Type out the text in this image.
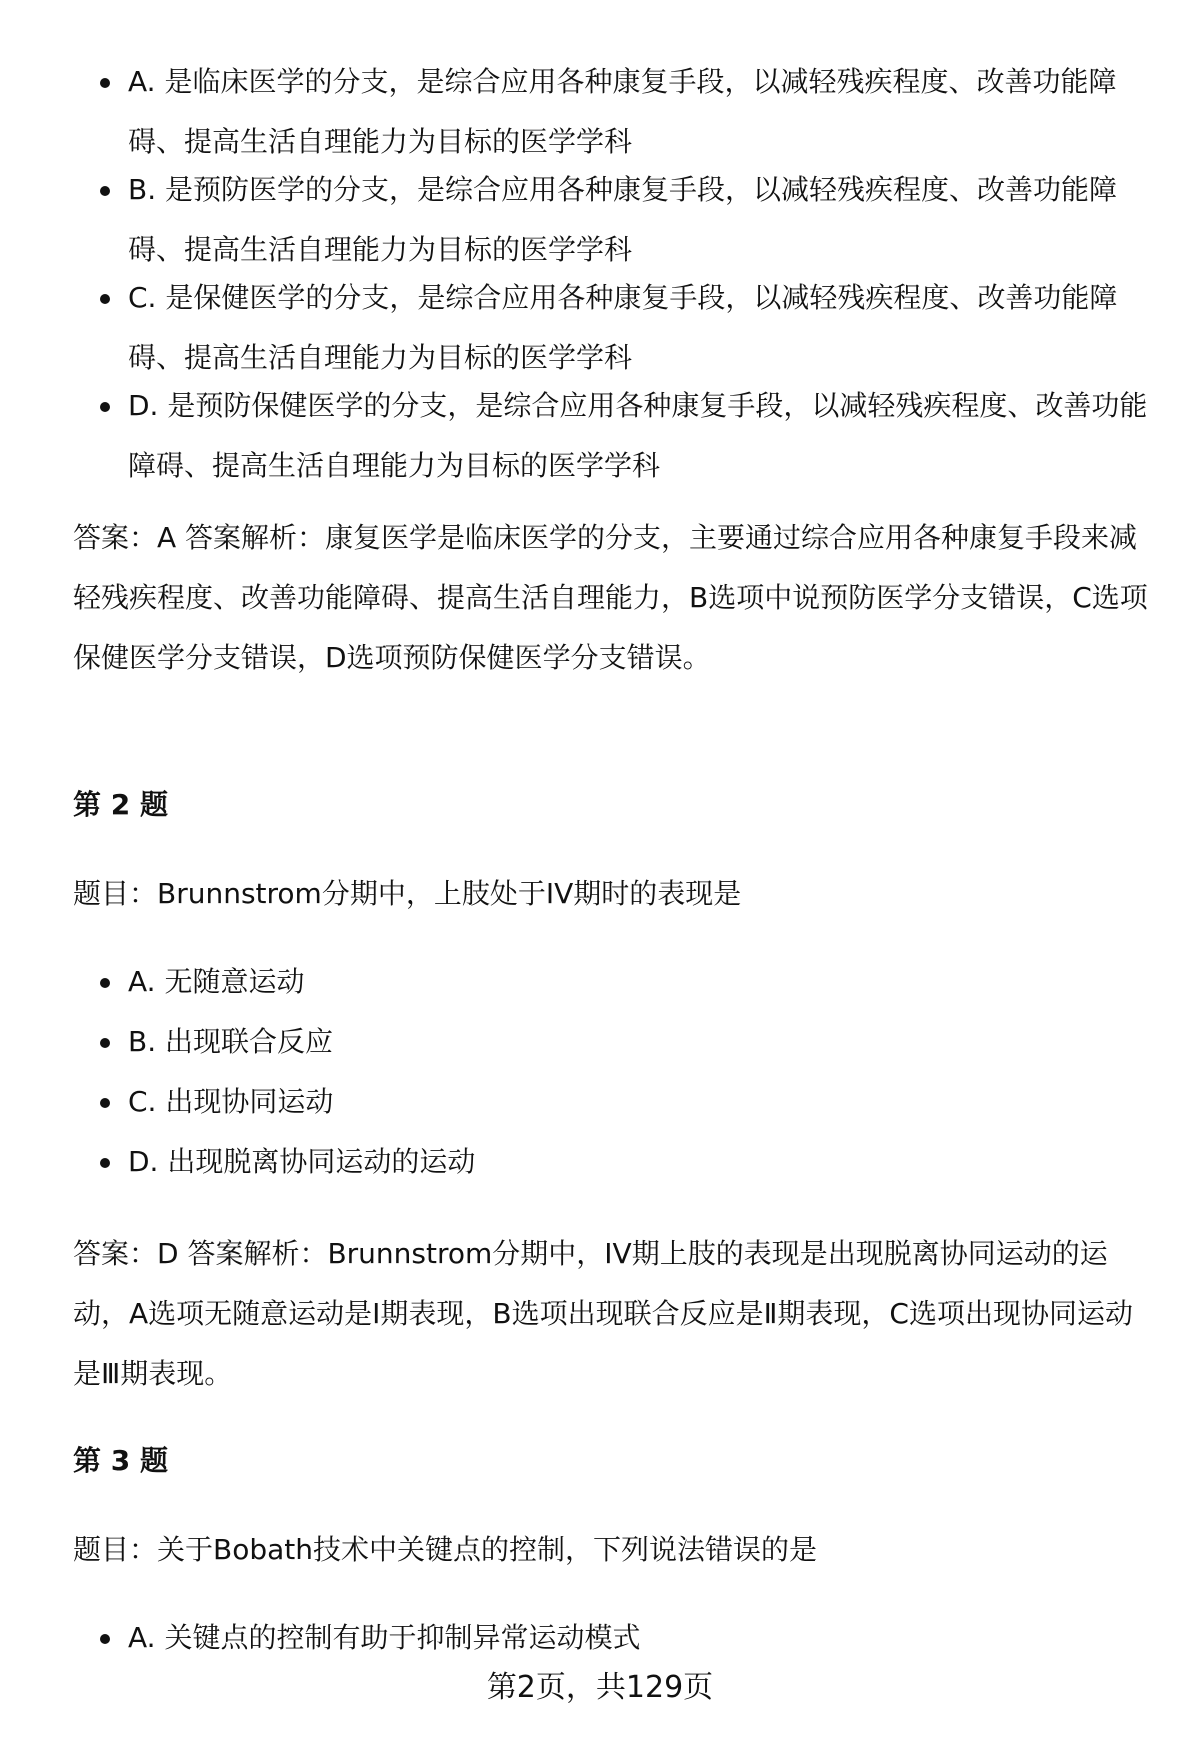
A. 是临床医学的分支，是综合应用各种康复手段，以减轻残疾程度、改善功能障碍、提高生活自理能力为目标的医学学科
B. 是预防医学的分支，是综合应用各种康复手段，以减轻残疾程度、改善功能障碍、提高生活自理能力为目标的医学学科
C. 是保健医学的分支，是综合应用各种康复手段，以减轻残疾程度、改善功能障碍、提高生活自理能力为目标的医学学科
D. 是预防保健医学的分支，是综合应用各种康复手段，以减轻残疾程度、改善功能障碍、提高生活自理能力为目标的医学学科

答案：A 答案解析：康复医学是临床医学的分支，主要通过综合应用各种康复手段来减轻残疾程度、改善功能障碍、提高生活自理能力，B选项中说预防医学分支错误，C选项保健医学分支错误，D选项预防保健医学分支错误。

第 2 题

题目：Brunnstrom分期中，上肢处于IV期时的表现是

A. 无随意运动
B. 出现联合反应
C. 出现协同运动
D. 出现脱离协同运动的运动

答案：D 答案解析：Brunnstrom分期中，IV期上肢的表现是出现脱离协同运动的运动，A选项无随意运动是Ⅰ期表现，B选项出现联合反应是Ⅱ期表现，C选项出现协同运动是Ⅲ期表现。

第 3 题

题目：关于Bobath技术中关键点的控制，下列说法错误的是

A. 关键点的控制有助于抑制异常运动模式
第2页，共129页
